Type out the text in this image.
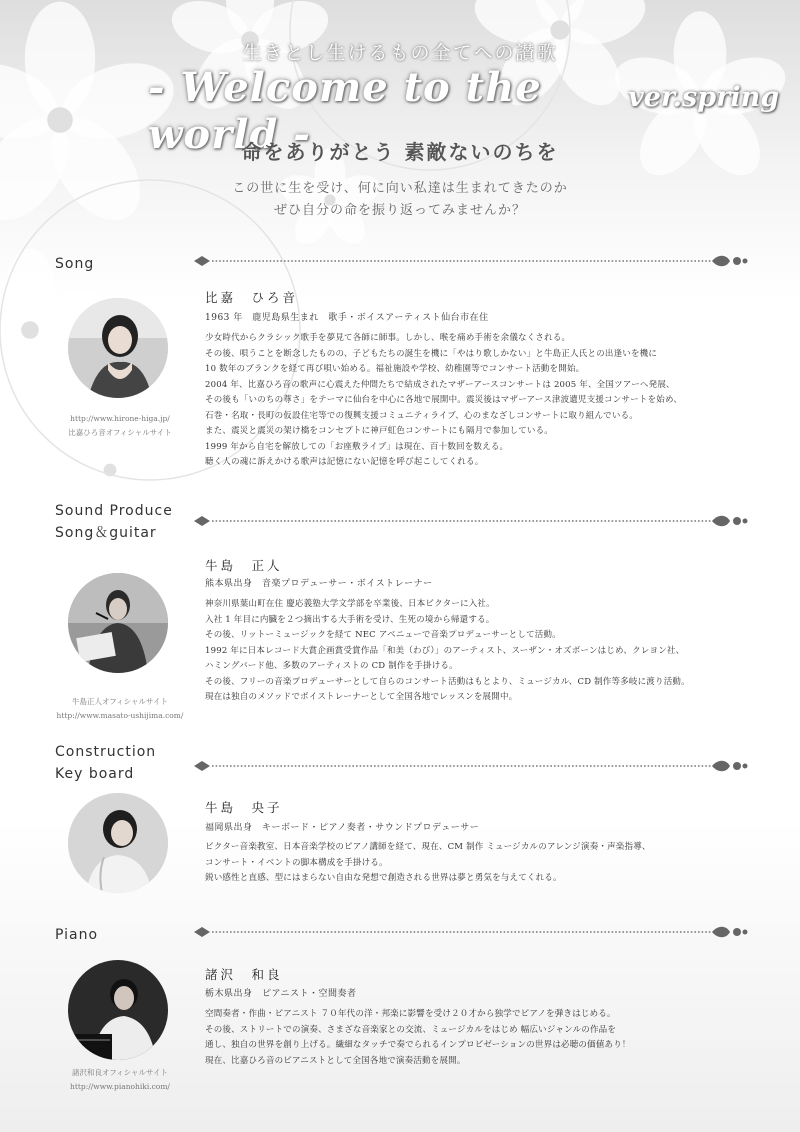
生きとし生けるもの全てへの讃歌
- Welcome to the world -
ver.spring
命をありがとう 素敵ないのちを
この世に生を受け、何に向い私達は生まれてきたのか
ぜひ自分の命を振り返ってみませんか？
Song
http://www.hirone-higa.jp/
比嘉ひろ音オフィシャルサイト
比嘉　ひろ音
1963 年　鹿児島県生まれ　歌手・ボイスアーティスト仙台市在住

少女時代からクラシック歌手を夢見て各師に師事。しかし、喉を痛め手術を余儀なくされる。

その後、唄うことを断念したものの、子どもたちの誕生を機に「やはり歌しかない」と牛島正人氏との出逢いを機に

10 数年のブランクを経て再び唄い始める。福祉施設や学校、幼稚園等でコンサート活動を開始。

2004 年、比嘉ひろ音の歌声に心震えた仲間たちで結成されたマザーアースコンサートは 2005 年、全国ツアーへ発展、

その後も「いのちの尊さ」をテーマに仙台を中心に各地で展開中。震災後はマザーアース津波遺児支援コンサートを始め、

石巻・名取・長町の仮設住宅等での復興支援コミュニティライブ、心のまなざしコンサートに取り組んでいる。

また、震災と震災の架け橋をコンセプトに神戸虹色コンサートにも隔月で参加している。

1999 年から自宅を解放しての「お座敷ライブ」は現在、百十数回を数える。

聴く人の魂に訴えかける歌声は記憶にない記憶を呼び起こしてくれる。

Sound Produce
Song＆guitar
牛島正人オフィシャルサイト
http://www.masato-ushijima.com/
牛島　正人
熊本県出身　音楽プロデューサー・ボイストレーナー

神奈川県葉山町在住 慶応義塾大学文学部を卒業後、日本ビクターに入社。

入社 1 年目に内臓を２つ摘出する大手術を受け、生死の境から帰還する。

その後、リットーミュージックを経て NEC アベニューで音楽プロデューサーとして活動。

1992 年に日本レコード大賞企画賞受賞作品「和美（わび）」のアーティスト、スーザン・オズボーンはじめ、クレヨン社、

ハミングバード他、多数のアーティストの CD 制作を手掛ける。

その後、フリーの音楽プロデューサーとして自らのコンサート活動はもとより、ミュージカル、CD 制作等多岐に渡り活動。

現在は独自のメソッドでボイストレーナーとして全国各地でレッスンを展開中。

Construction
Key board
牛島　央子
福岡県出身　キーボード・ピアノ奏者・サウンドプロデューサー

ビクター音楽教室、日本音楽学校のピアノ講師を経て、現在、CM 制作 ミュージカルのアレンジ演奏・声楽指導、

コンサート・イベントの脚本構成を手掛ける。

鋭い感性と直感、型にはまらない自由な発想で創造される世界は夢と勇気を与えてくれる。

Piano
諸沢和良オフィシャルサイト
http://www.pianohiki.com/
諸沢　和良
栃木県出身　ピアニスト・空間奏者

空間奏者・作曲・ピアニスト ７０年代の洋・邦楽に影響を受け２０才から独学でピアノを弾きはじめる。

その後、ストリートでの演奏、さまざな音楽家との交流、ミュージカルをはじめ 幅広いジャンルの作品を

通し、独自の世界を創り上げる。繊細なタッチで奏でられるインプロビゼーションの世界は必聴の価値あり！

現在、比嘉ひろ音のピアニストとして全国各地で演奏活動を展開。
